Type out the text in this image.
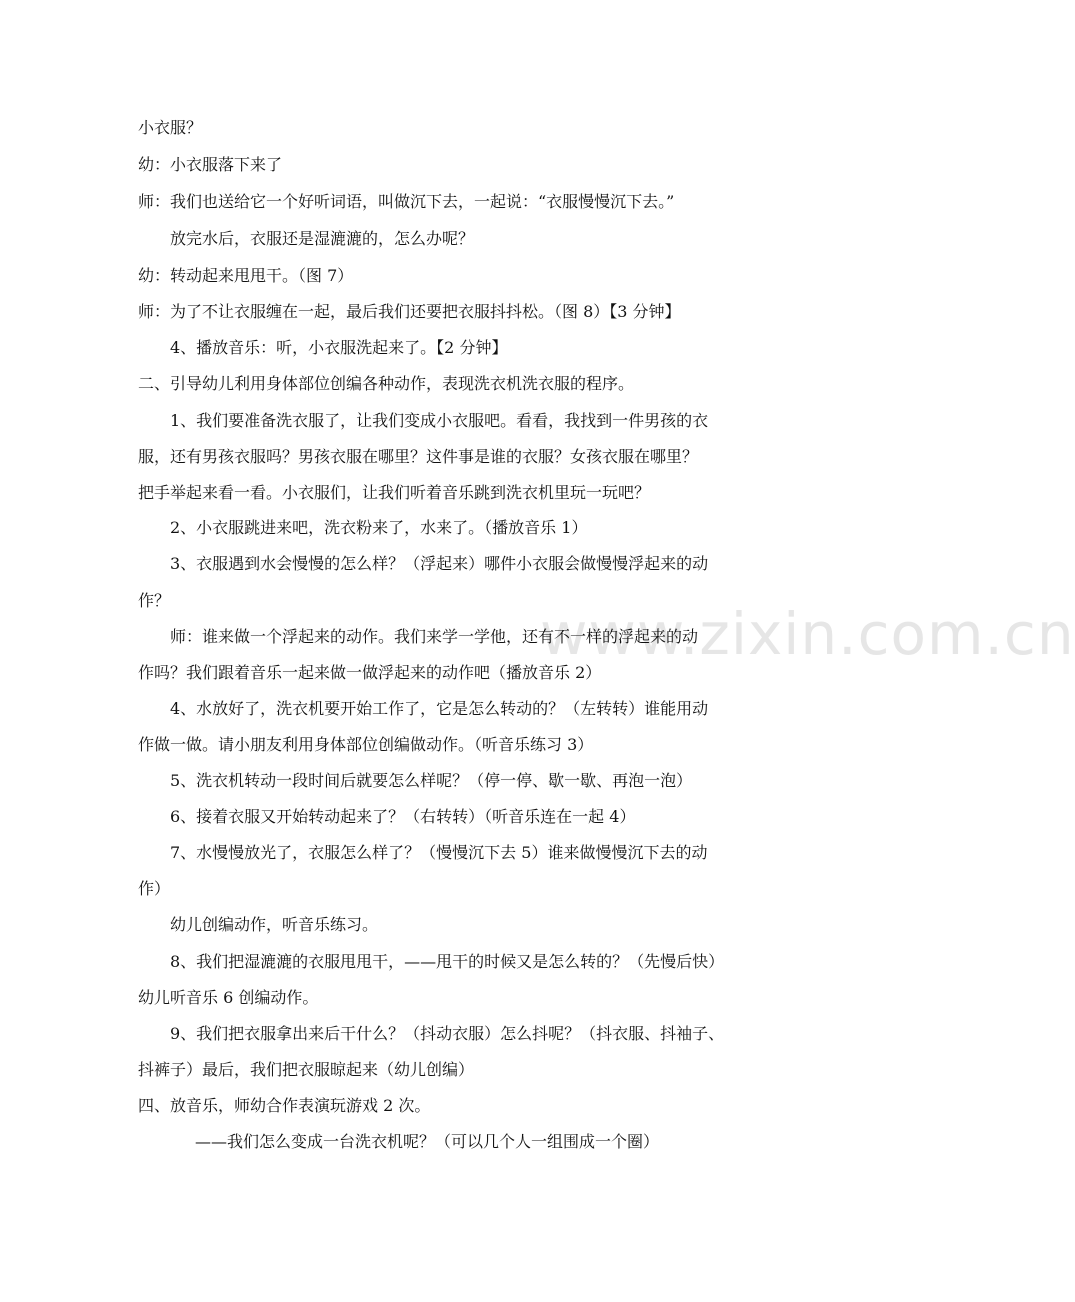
www.zixin.com.cn
小衣服？
幼：小衣服落下来了
师：我们也送给它一个好听词语，叫做沉下去，一起说：“衣服慢慢沉下去。”
放完水后，衣服还是湿漉漉的，怎么办呢？
幼：转动起来甩甩干。（图 7）
师：为了不让衣服缠在一起，最后我们还要把衣服抖抖松。（图 8）【3 分钟】
4、播放音乐：听，小衣服洗起来了。【2 分钟】
二、引导幼儿利用身体部位创编各种动作，表现洗衣机洗衣服的程序。
1、我们要准备洗衣服了，让我们变成小衣服吧。看看，我找到一件男孩的衣
服，还有男孩衣服吗？男孩衣服在哪里？这件事是谁的衣服？女孩衣服在哪里？
把手举起来看一看。小衣服们，让我们听着音乐跳到洗衣机里玩一玩吧？
2、小衣服跳进来吧，洗衣粉来了，水来了。（播放音乐 1）
3、衣服遇到水会慢慢的怎么样？（浮起来）哪件小衣服会做慢慢浮起来的动
作？
师：谁来做一个浮起来的动作。我们来学一学他，还有不一样的浮起来的动
作吗？我们跟着音乐一起来做一做浮起来的动作吧（播放音乐 2）
4、水放好了，洗衣机要开始工作了，它是怎么转动的？（左转转）谁能用动
作做一做。请小朋友利用身体部位创编做动作。（听音乐练习 3）
5、洗衣机转动一段时间后就要怎么样呢？（停一停、歇一歇、再泡一泡）
6、接着衣服又开始转动起来了？（右转转）（听音乐连在一起 4）
7、水慢慢放光了，衣服怎么样了？（慢慢沉下去 5）谁来做慢慢沉下去的动
作）
幼儿创编动作，听音乐练习。
8、我们把湿漉漉的衣服甩甩干，——甩干的时候又是怎么转的？（先慢后快）
幼儿听音乐 6 创编动作。
9、我们把衣服拿出来后干什么？（抖动衣服）怎么抖呢？（抖衣服、抖袖子、
抖裤子）最后，我们把衣服晾起来（幼儿创编）
四、放音乐，师幼合作表演玩游戏 2 次。
——我们怎么变成一台洗衣机呢？（可以几个人一组围成一个圈）
